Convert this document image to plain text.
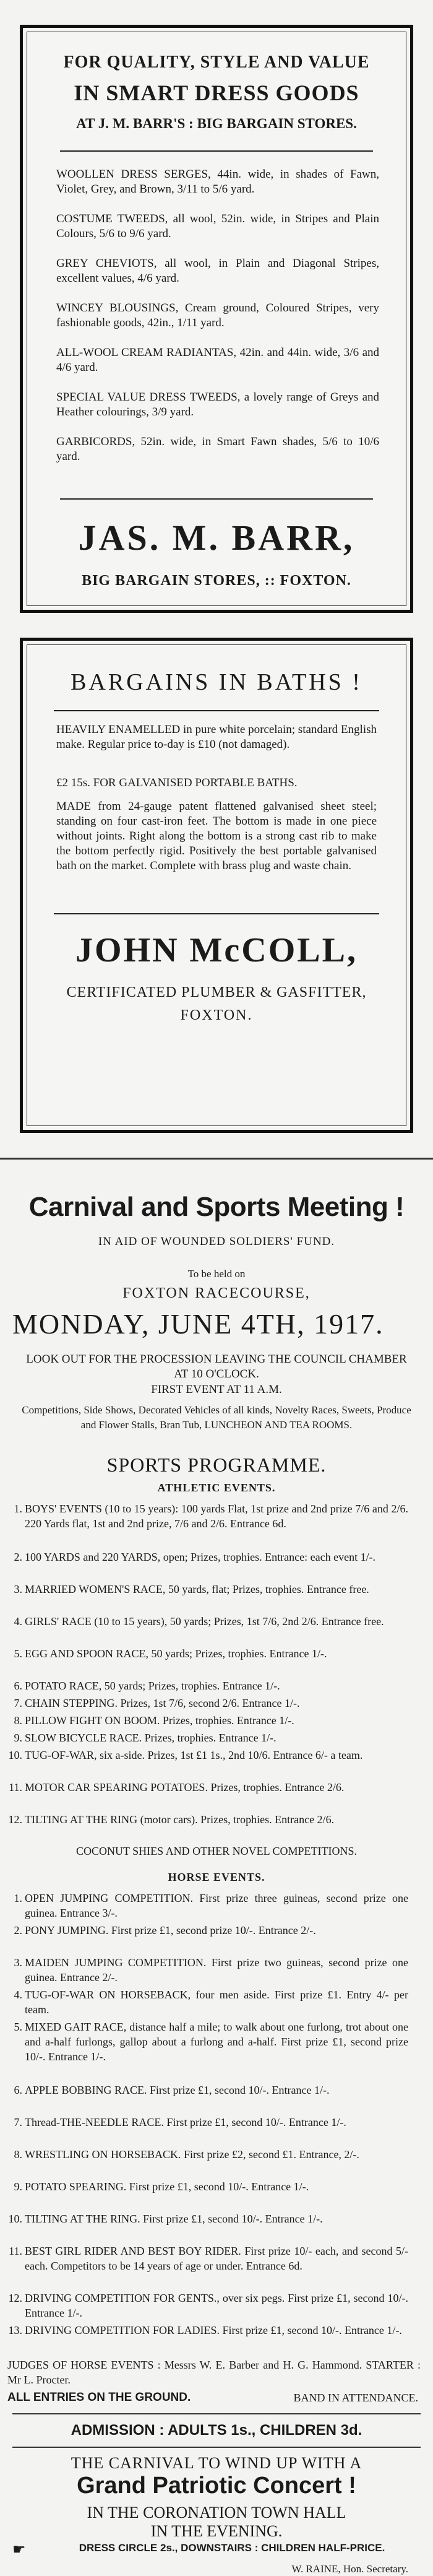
FOR QUALITY, STYLE AND VALUE
IN SMART DRESS GOODS
AT J. M. BARR'S : BIG BARGAIN STORES.
WOOLLEN DRESS SERGES, 44in. wide, in shades of Fawn, Violet, Grey, and Brown, 3/11 to 5/6 yard.
COSTUME TWEEDS, all wool, 52in. wide, in Stripes and Plain Colours, 5/6 to 9/6 yard.
GREY CHEVIOTS, all wool, in Plain and Diagonal Stripes, excellent values, 4/6 yard.
WINCEY BLOUSINGS, Cream ground, Coloured Stripes, very fashionable goods, 42in., 1/11 yard.
ALL-WOOL CREAM RADIANTAS, 42in. and 44in. wide, 3/6 and 4/6 yard.
SPECIAL VALUE DRESS TWEEDS, a lovely range of Greys and Heather colourings, 3/9 yard.
GARBICORDS, 52in. wide, in Smart Fawn shades, 5/6 to 10/6 yard.
JAS. M. BARR,
BIG BARGAIN STORES, :: FOXTON.
BARGAINS IN BATHS !
HEAVILY ENAMELLED in pure white porcelain; standard English make. Regular price to-day is £10 (not damaged).
£2 15s. FOR GALVANISED PORTABLE BATHS.
MADE from 24-gauge patent flattened galvanised sheet steel; standing on four cast-iron feet. The bottom is made in one piece without joints. Right along the bottom is a strong cast rib to make the bottom perfectly rigid. Positively the best portable galvanised bath on the market. Complete with brass plug and waste chain.
JOHN McCOLL,
CERTIFICATED PLUMBER & GASFITTER,
FOXTON.
Carnival and Sports Meeting !
IN AID OF WOUNDED SOLDIERS' FUND.
To be held on
FOXTON RACECOURSE,
MONDAY, JUNE 4TH, 1917.
LOOK OUT FOR THE PROCESSION LEAVING THE COUNCIL CHAMBER AT 10 O'CLOCK.
FIRST EVENT AT 11 A.M.
Competitions, Side Shows, Decorated Vehicles of all kinds, Novelty Races, Sweets, Produce and Flower Stalls, Bran Tub, LUNCHEON AND TEA ROOMS.
SPORTS PROGRAMME.
ATHLETIC EVENTS.
1. BOYS' EVENTS (10 to 15 years): 100 yards Flat, 1st prize and 2nd prize 7/6 and 2/6. 220 Yards flat, 1st and 2nd prize, 7/6 and 2/6. Entrance 6d.
2. 100 YARDS and 220 YARDS, open; Prizes, trophies. Entrance: each event 1/-.
3. MARRIED WOMEN'S RACE, 50 yards, flat; Prizes, trophies. Entrance free.
4. GIRLS' RACE (10 to 15 years), 50 yards; Prizes, 1st 7/6, 2nd 2/6. Entrance free.
5. EGG AND SPOON RACE, 50 yards; Prizes, trophies. Entrance 1/-.
6. POTATO RACE, 50 yards; Prizes, trophies. Entrance 1/-.
7. CHAIN STEPPING. Prizes, 1st 7/6, second 2/6. Entrance 1/-.
8. PILLOW FIGHT ON BOOM. Prizes, trophies. Entrance 1/-.
9. SLOW BICYCLE RACE. Prizes, trophies. Entrance 1/-.
10. TUG-OF-WAR, six a-side. Prizes, 1st £1 1s., 2nd 10/6. Entrance 6/- a team.
11. MOTOR CAR SPEARING POTATOES. Prizes, trophies. Entrance 2/6.
12. TILTING AT THE RING (motor cars). Prizes, trophies. Entrance 2/6.
COCONUT SHIES AND OTHER NOVEL COMPETITIONS.
HORSE EVENTS.
1. OPEN JUMPING COMPETITION. First prize three guineas, second prize one guinea. Entrance 3/-.
2. PONY JUMPING. First prize £1, second prize 10/-. Entrance 2/-.
3. MAIDEN JUMPING COMPETITION. First prize two guineas, second prize one guinea. Entrance 2/-.
4. TUG-OF-WAR ON HORSEBACK, four men aside. First prize £1. Entry 4/- per team.
5. MIXED GAIT RACE, distance half a mile; to walk about one furlong, trot about one and a-half furlongs, gallop about a furlong and a-half. First prize £1, second prize 10/-. Entrance 1/-.
6. APPLE BOBBING RACE. First prize £1, second 10/-. Entrance 1/-.
7. Thread-THE-NEEDLE RACE. First prize £1, second 10/-. Entrance 1/-.
8. WRESTLING ON HORSEBACK. First prize £2, second £1. Entrance, 2/-.
9. POTATO SPEARING. First prize £1, second 10/-. Entrance 1/-.
10. TILTING AT THE RING. First prize £1, second 10/-. Entrance 1/-.
11. BEST GIRL RIDER AND BEST BOY RIDER. First prize 10/- each, and second 5/- each. Competitors to be 14 years of age or under. Entrance 6d.
12. DRIVING COMPETITION FOR GENTS., over six pegs. First prize £1, second 10/-. Entrance 1/-.
13. DRIVING COMPETITION FOR LADIES. First prize £1, second 10/-. Entrance 1/-.
JUDGES OF HORSE EVENTS : Messrs W. E. Barber and H. G. Hammond. STARTER : Mr L. Procter.
ALL ENTRIES ON THE GROUND.	BAND IN ATTENDANCE.
ADMISSION : ADULTS 1s., CHILDREN 3d.
THE CARNIVAL TO WIND UP WITH A
Grand Patriotic Concert !
IN THE CORONATION TOWN HALL
IN THE EVENING.
☛	DRESS CIRCLE 2s., DOWNSTAIRS : CHILDREN HALF-PRICE.
W. RAINE, Hon. Secretary.
